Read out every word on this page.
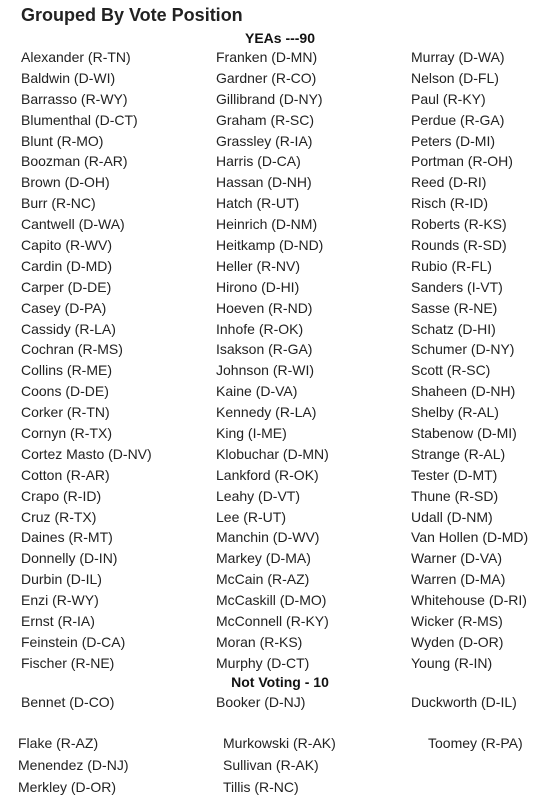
Grouped By Vote Position
YEAs ---90
Alexander (R-TN)
Baldwin (D-WI)
Barrasso (R-WY)
Blumenthal (D-CT)
Blunt (R-MO)
Boozman (R-AR)
Brown (D-OH)
Burr (R-NC)
Cantwell (D-WA)
Capito (R-WV)
Cardin (D-MD)
Carper (D-DE)
Casey (D-PA)
Cassidy (R-LA)
Cochran (R-MS)
Collins (R-ME)
Coons (D-DE)
Corker (R-TN)
Cornyn (R-TX)
Cortez Masto (D-NV)
Cotton (R-AR)
Crapo (R-ID)
Cruz (R-TX)
Daines (R-MT)
Donnelly (D-IN)
Durbin (D-IL)
Enzi (R-WY)
Ernst (R-IA)
Feinstein (D-CA)
Fischer (R-NE)
Franken (D-MN)
Gardner (R-CO)
Gillibrand (D-NY)
Graham (R-SC)
Grassley (R-IA)
Harris (D-CA)
Hassan (D-NH)
Hatch (R-UT)
Heinrich (D-NM)
Heitkamp (D-ND)
Heller (R-NV)
Hirono (D-HI)
Hoeven (R-ND)
Inhofe (R-OK)
Isakson (R-GA)
Johnson (R-WI)
Kaine (D-VA)
Kennedy (R-LA)
King (I-ME)
Klobuchar (D-MN)
Lankford (R-OK)
Leahy (D-VT)
Lee (R-UT)
Manchin (D-WV)
Markey (D-MA)
McCain (R-AZ)
McCaskill (D-MO)
McConnell (R-KY)
Moran (R-KS)
Murphy (D-CT)
Murray (D-WA)
Nelson (D-FL)
Paul (R-KY)
Perdue (R-GA)
Peters (D-MI)
Portman (R-OH)
Reed (D-RI)
Risch (R-ID)
Roberts (R-KS)
Rounds (R-SD)
Rubio (R-FL)
Sanders (I-VT)
Sasse (R-NE)
Schatz (D-HI)
Schumer (D-NY)
Scott (R-SC)
Shaheen (D-NH)
Shelby (R-AL)
Stabenow (D-MI)
Strange (R-AL)
Tester (D-MT)
Thune (R-SD)
Udall (D-NM)
Van Hollen (D-MD)
Warner (D-VA)
Warren (D-MA)
Whitehouse (D-RI)
Wicker (R-MS)
Wyden (D-OR)
Young (R-IN)
Not Voting - 10
Bennet (D-CO)	Booker (D-NJ)	Duckworth (D-IL)
Flake (R-AZ)
Menendez (D-NJ)
Merkley (D-OR)
Murkowski (R-AK)
Sullivan (R-AK)
Tillis (R-NC)
Toomey (R-PA)
